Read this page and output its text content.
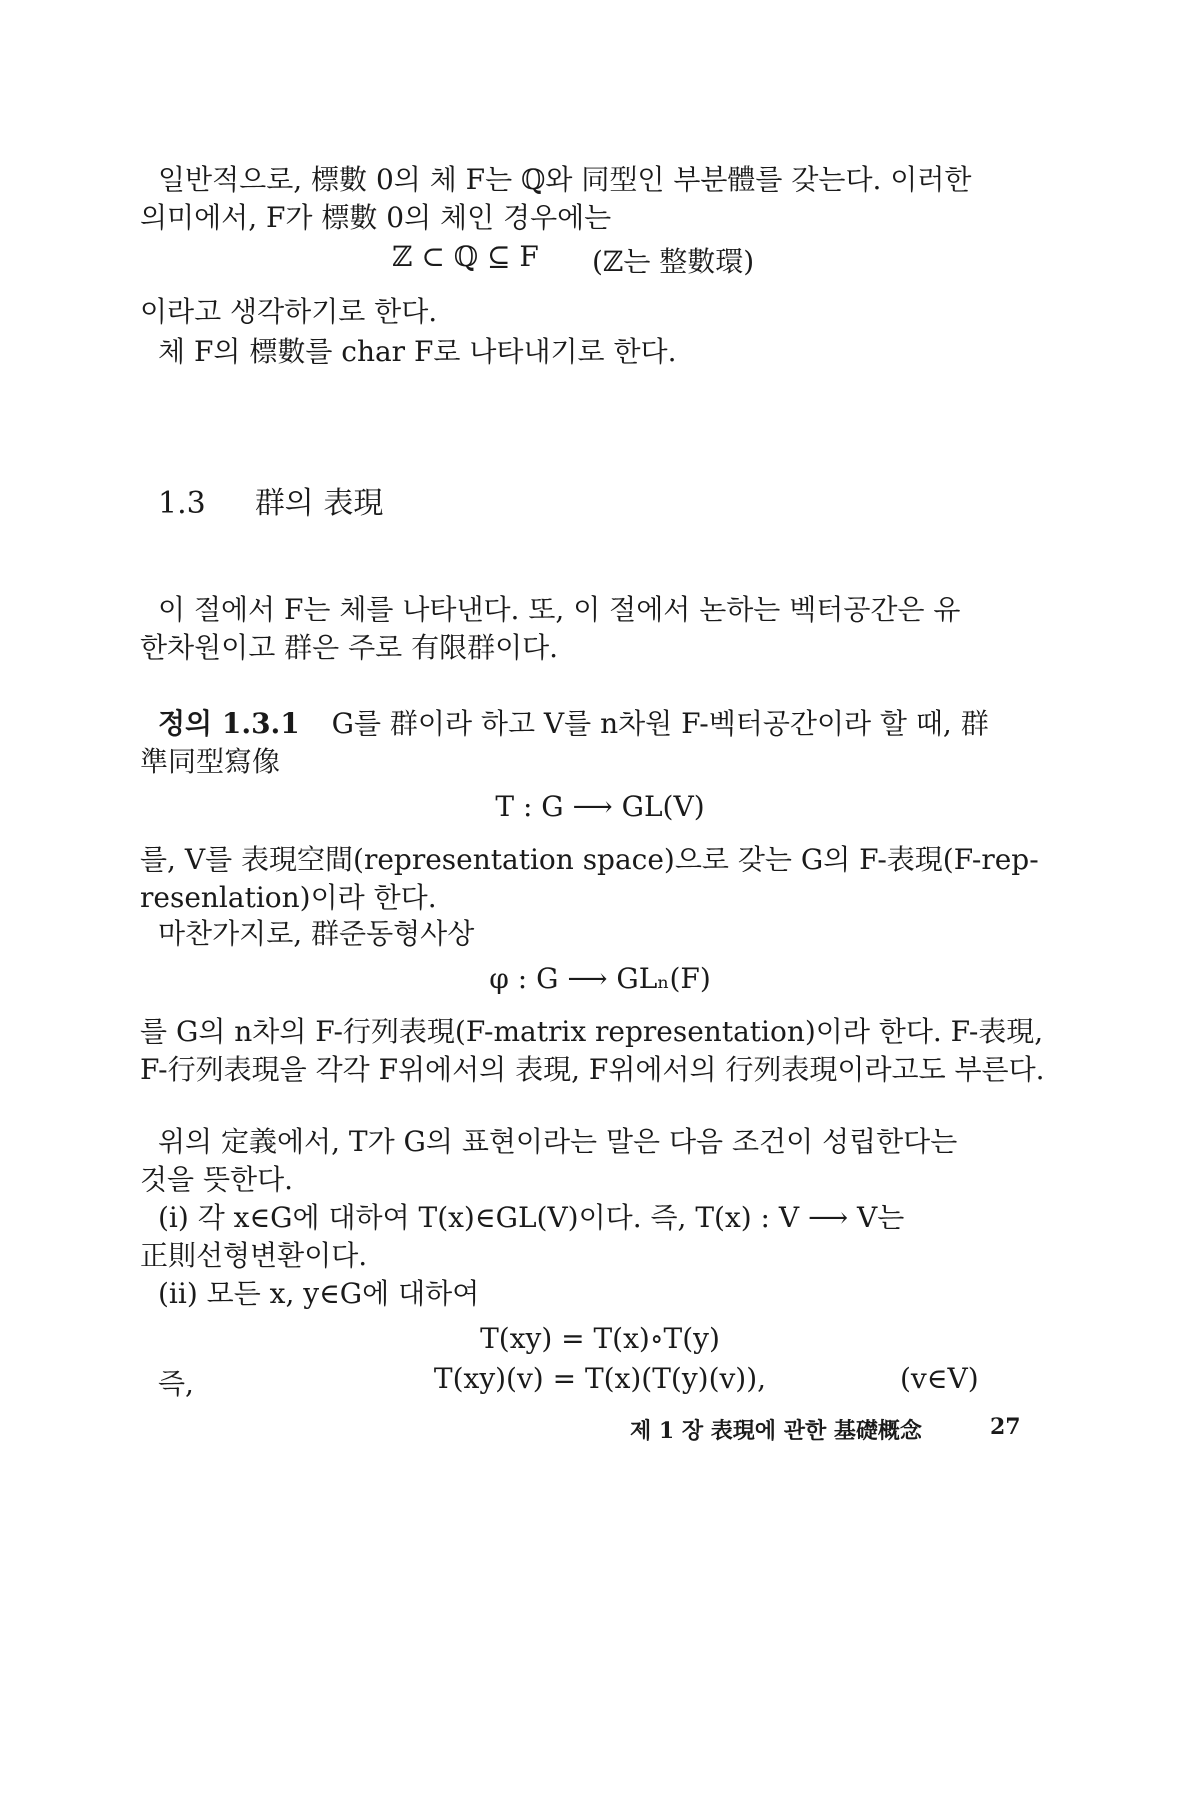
일반적으로, 標數 0의 체 F는 ℚ와 同型인 부분體를 갖는다. 이러한
의미에서, F가 標數 0의 체인 경우에는
ℤ ⊂ ℚ ⊆ F (ℤ는 整數環)
이라고 생각하기로 한다.
체 F의 標數를 char F로 나타내기로 한다.
1.3 群의 表現
이 절에서 F는 체를 나타낸다. 또, 이 절에서 논하는 벡터공간은 유
한차원이고 群은 주로 有限群이다.
정의 1.3.1 G를 群이라 하고 V를 n차원 F-벡터공간이라 할 때, 群
準同型寫像
T : G ⟶ GL(V)
를, V를 表現空間(representation space)으로 갖는 G의 F-表現(F-rep-
resenlation)이라 한다.
마찬가지로, 群준동형사상
φ : G ⟶ GLₙ(F)
를 G의 n차의 F-行列表現(F-matrix representation)이라 한다. F-表現,
F-行列表現을 각각 F위에서의 表現, F위에서의 行列表現이라고도 부른다.
위의 定義에서, T가 G의 표현이라는 말은 다음 조건이 성립한다는
것을 뜻한다.
(i) 각 x∈G에 대하여 T(x)∈GL(V)이다. 즉, T(x) : V ⟶ V는
正則선형변환이다.
(ii) 모든 x, y∈G에 대하여
T(xy) = T(x)∘T(y)
즉,	T(xy)(v) = T(x)(T(y)(v)),	(v∈V)
제 1 장 表現에 관한 基礎概念	27
